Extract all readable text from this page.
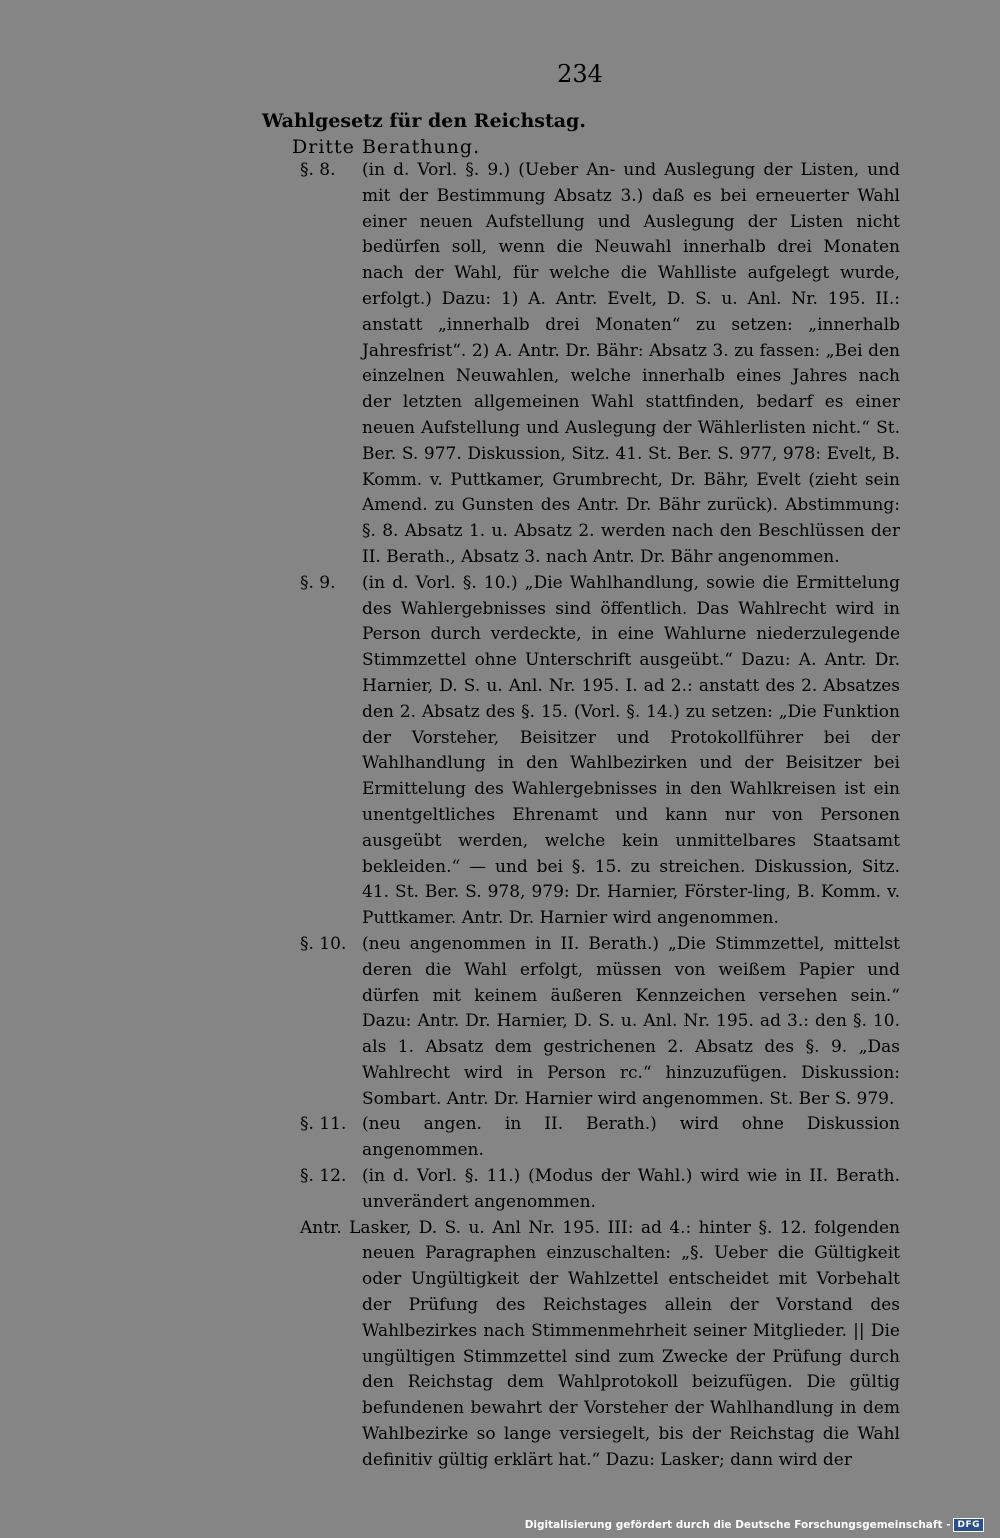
234
Wahlgesetz für den Reichstag.
Dritte Berathung.
§. 8.	(in d. Vorl. §. 9.) (Ueber An- und Auslegung der Listen, und mit der Bestimmung Absatz 3.) daß es bei erneuerter Wahl einer neuen Aufstellung und Auslegung der Listen nicht bedürfen soll, wenn die Neuwahl innerhalb drei Monaten nach der Wahl, für welche die Wahlliste aufgelegt wurde, erfolgt.) Dazu: 1) A. Antr. Evelt, D. S. u. Anl. Nr. 195. II.: anstatt „innerhalb drei Monaten“ zu setzen: „innerhalb Jahresfrist“. 2) A. Antr. Dr. Bähr: Absatz 3. zu fassen: „Bei den einzelnen Neuwahlen, welche innerhalb eines Jahres nach der letzten allgemeinen Wahl stattfinden, bedarf es einer neuen Aufstellung und Auslegung der Wählerlisten nicht.“ St. Ber. S. 977. Diskussion, Sitz. 41. St. Ber. S. 977, 978: Evelt, B. Komm. v. Puttkamer, Grumbrecht, Dr. Bähr, Evelt (zieht sein Amend. zu Gunsten des Antr. Dr. Bähr zurück). Abstimmung: §. 8. Absatz 1. u. Absatz 2. werden nach den Beschlüssen der II. Berath., Absatz 3. nach Antr. Dr. Bähr angenommen.
§. 9.	(in d. Vorl. §. 10.) „Die Wahlhandlung, sowie die Ermittelung des Wahlergebnisses sind öffentlich. Das Wahlrecht wird in Person durch verdeckte, in eine Wahlurne niederzulegende Stimmzettel ohne Unterschrift ausgeübt.“ Dazu: A. Antr. Dr. Harnier, D. S. u. Anl. Nr. 195. I. ad 2.: anstatt des 2. Absatzes den 2. Absatz des §. 15. (Vorl. §. 14.) zu setzen: „Die Funktion der Vorsteher, Beisitzer und Protokollführer bei der Wahlhandlung in den Wahlbezirken und der Beisitzer bei Ermittelung des Wahlergebnisses in den Wahlkreisen ist ein unentgeltliches Ehrenamt und kann nur von Personen ausgeübt werden, welche kein unmittelbares Staatsamt bekleiden.“ — und bei §. 15. zu streichen. Diskussion, Sitz. 41. St. Ber. S. 978, 979: Dr. Harnier, Förster-ling, B. Komm. v. Puttkamer. Antr. Dr. Harnier wird angenommen.
§. 10. (neu angenommen in II. Berath.) „Die Stimmzettel, mittelst deren die Wahl erfolgt, müssen von weißem Papier und dürfen mit keinem äußeren Kennzeichen versehen sein.“ Dazu: Antr. Dr. Harnier, D. S. u. Anl. Nr. 195. ad 3.: den §. 10. als 1. Absatz dem gestrichenen 2. Absatz des §. 9. „Das Wahlrecht wird in Person rc.“ hinzuzufügen. Diskussion: Sombart. Antr. Dr. Harnier wird angenommen. St. Ber S. 979.
§. 11. (neu angen. in II. Berath.) wird ohne Diskussion angenommen.
§. 12. (in d. Vorl. §. 11.) (Modus der Wahl.) wird wie in II. Berath. unverändert angenommen.
Antr. Lasker, D. S. u. Anl Nr. 195. III: ad 4.: hinter §. 12. folgenden neuen Paragraphen einzuschalten: „§. Ueber die Gültigkeit oder Ungültigkeit der Wahlzettel entscheidet mit Vorbehalt der Prüfung des Reichstages allein der Vorstand des Wahlbezirkes nach Stimmenmehrheit seiner Mitglieder. || Die ungültigen Stimmzettel sind zum Zwecke der Prüfung durch den Reichstag dem Wahlprotokoll beizufügen. Die gültig befundenen bewahrt der Vorsteher der Wahlhandlung in dem Wahlbezirke so lange versiegelt, bis der Reichstag die Wahl definitiv gültig erklärt hat.“ Dazu: Lasker; dann wird der
Digitalisierung gefördert durch die Deutsche Forschungsgemeinschaft - DFG
